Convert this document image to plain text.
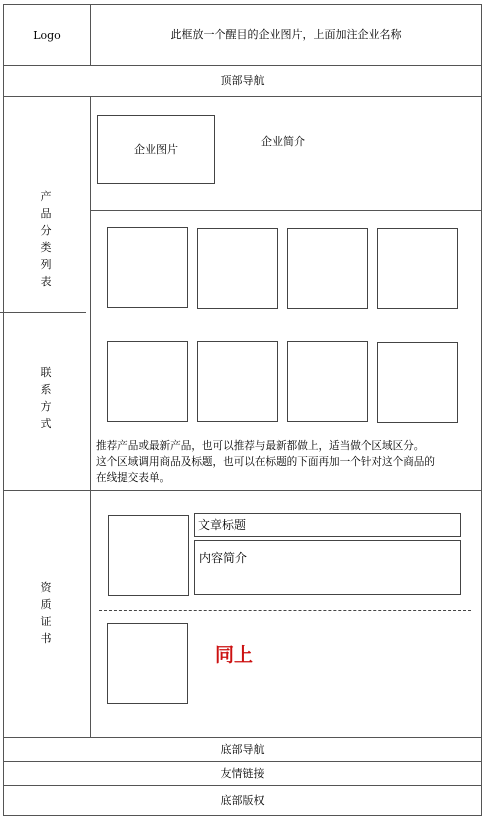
Logo	此框放一个醒目的企业图片，上面加注企业名称
顶部导航
产品分类列表
联系方式
资质证书
企业图片
企业简介
推荐产品或最新产品，也可以推荐与最新都做上，适当做个区域区分。
这个区域调用商品及标题，也可以在标题的下面再加一个针对这个商品的
在线提交表单。
文章标题
内容简介
同上
底部导航
友情链接
底部版权
